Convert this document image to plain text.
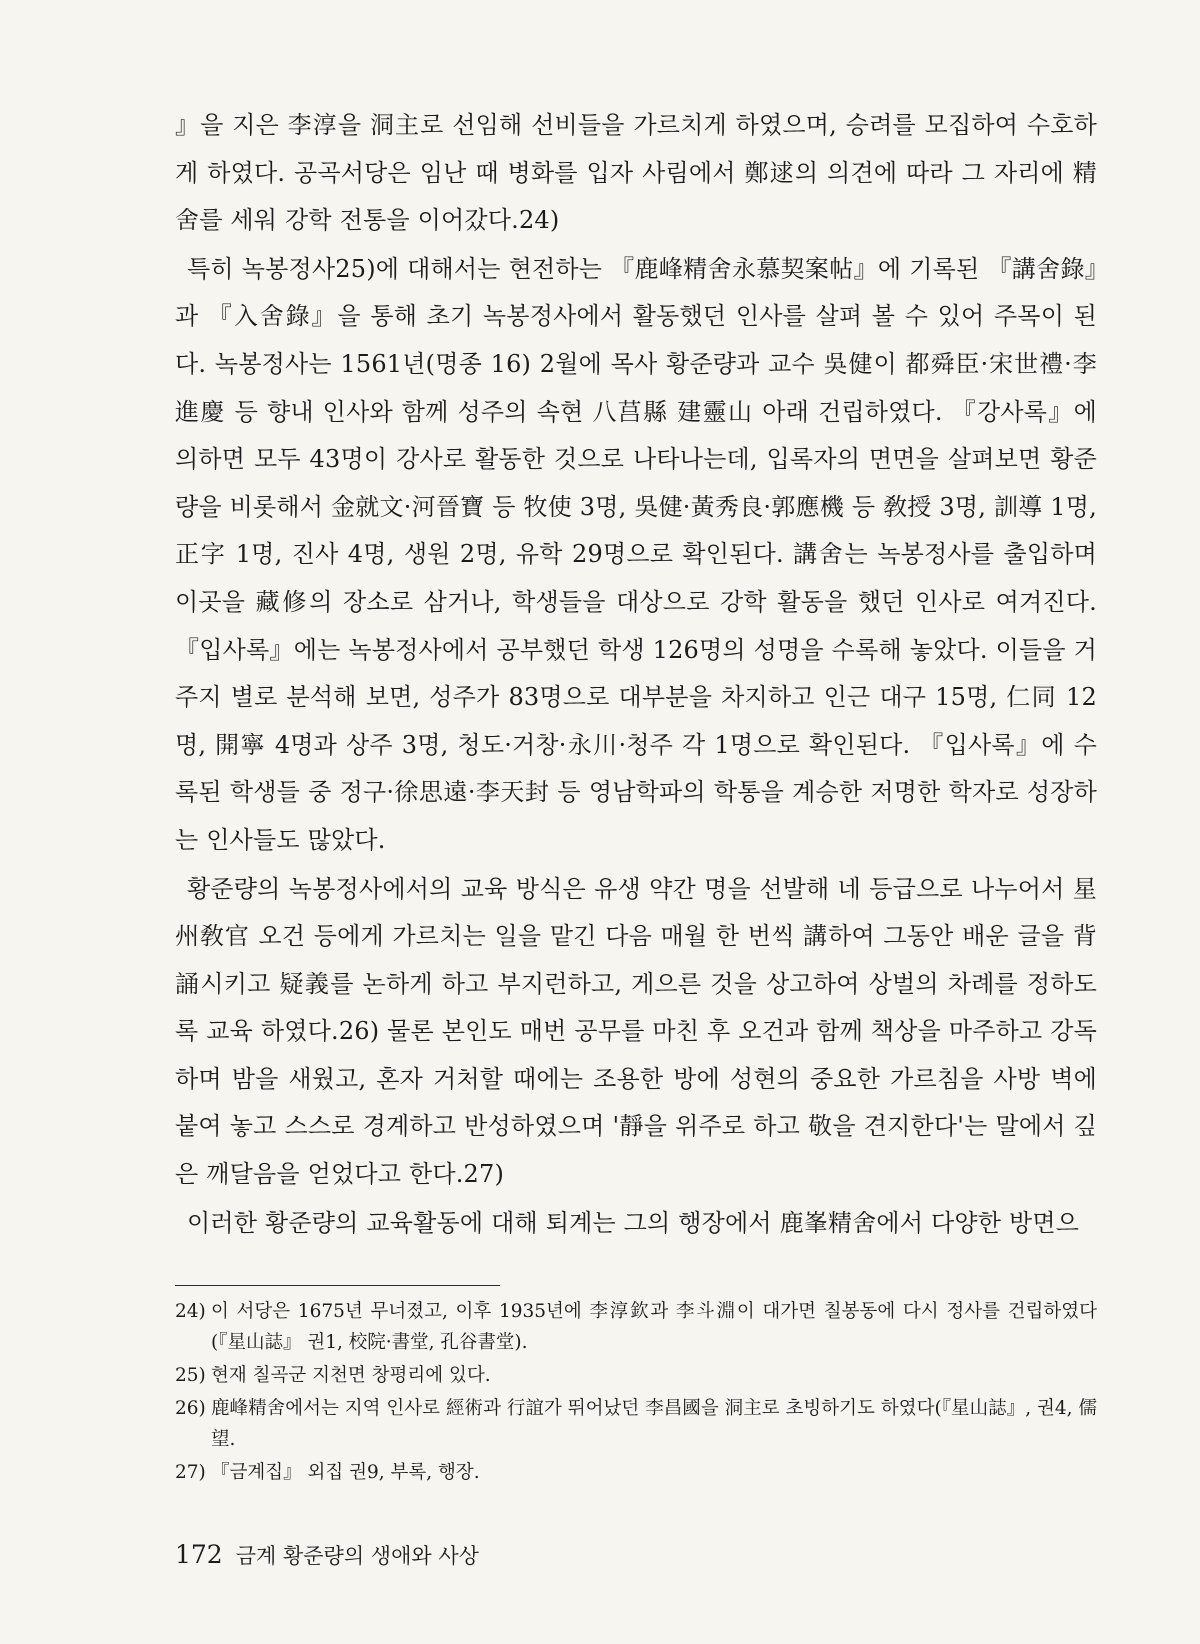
』을 지은 李淳을 洞主로 선임해 선비들을 가르치게 하였으며, 승려를 모집하여 수호하게 하였다. 공곡서당은 임난 때 병화를 입자 사림에서 鄭逑의 의견에 따라 그 자리에 精舍를 세워 강학 전통을 이어갔다.24)

특히 녹봉정사25)에 대해서는 현전하는 『鹿峰精舍永慕契案帖』에 기록된 『講舍錄』과 『入舍錄』을 통해 초기 녹봉정사에서 활동했던 인사를 살펴 볼 수 있어 주목이 된다. 녹봉정사는 1561년(명종 16) 2월에 목사 황준량과 교수 吳健이 都舜臣·宋世禮·李進慶 등 향내 인사와 함께 성주의 속현 八莒縣 建靈山 아래 건립하였다. 『강사록』에 의하면 모두 43명이 강사로 활동한 것으로 나타나는데, 입록자의 면면을 살펴보면 황준량을 비롯해서 金就文·河晉寶 등 牧使 3명, 吳健·黃秀良·郭應機 등 敎授 3명, 訓導 1명, 正字 1명, 진사 4명, 생원 2명, 유학 29명으로 확인된다. 講舍는 녹봉정사를 출입하며 이곳을 藏修의 장소로 삼거나, 학생들을 대상으로 강학 활동을 했던 인사로 여겨진다. 『입사록』에는 녹봉정사에서 공부했던 학생 126명의 성명을 수록해 놓았다. 이들을 거주지 별로 분석해 보면, 성주가 83명으로 대부분을 차지하고 인근 대구 15명, 仁同 12명, 開寧 4명과 상주 3명, 청도·거창·永川·청주 각 1명으로 확인된다. 『입사록』에 수록된 학생들 중 정구·徐思遠·李天封 등 영남학파의 학통을 계승한 저명한 학자로 성장하는 인사들도 많았다.

황준량의 녹봉정사에서의 교육 방식은 유생 약간 명을 선발해 네 등급으로 나누어서 星州敎官 오건 등에게 가르치는 일을 맡긴 다음 매월 한 번씩 講하여 그동안 배운 글을 背誦시키고 疑義를 논하게 하고 부지런하고, 게으른 것을 상고하여 상벌의 차례를 정하도록 교육 하였다.26) 물론 본인도 매번 공무를 마친 후 오건과 함께 책상을 마주하고 강독하며 밤을 새웠고, 혼자 거처할 때에는 조용한 방에 성현의 중요한 가르침을 사방 벽에 붙여 놓고 스스로 경계하고 반성하였으며 '靜을 위주로 하고 敬을 견지한다'는 말에서 깊은 깨달음을 얻었다고 한다.27)

이러한 황준량의 교육활동에 대해 퇴계는 그의 행장에서 鹿峯精舍에서 다양한 방면으

24) 이 서당은 1675년 무너졌고, 이후 1935년에 李淳欽과 李斗淵이 대가면 칠봉동에 다시 정사를 건립하였다(『星山誌』 권1, 校院·書堂, 孔谷書堂).
25) 현재 칠곡군 지천면 창평리에 있다.
26) 鹿峰精舍에서는 지역 인사로 經術과 行誼가 뛰어났던 李昌國을 洞主로 초빙하기도 하였다(『星山誌』, 권4, 儒望.
27) 『금계집』 외집 권9, 부록, 행장.
172 금계 황준량의 생애와 사상
